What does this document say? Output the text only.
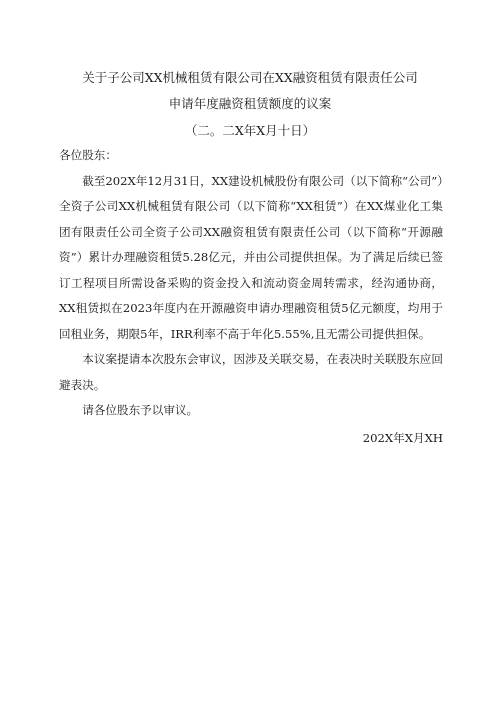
关于子公司XX机械租赁有限公司在XX融资租赁有限责任公司
申请年度融资租赁额度的议案
（二。二X年X月十日）

各位股东：

截至202X年12月31日，XX建设机械股份有限公司（以下简称“公司”）全资子公司XX机械租赁有限公司（以下简称“XX租赁”）在XX煤业化工集团有限责任公司全资子公司XX融资租赁有限责任公司（以下简称“开源融资”）累计办理融资租赁5.28亿元，并由公司提供担保。为了满足后续已签订工程项目所需设备采购的资金投入和流动资金周转需求，经沟通协商，XX租赁拟在2023年度内在开源融资申请办理融资租赁5亿元额度，均用于回租业务，期限5年，IRR利率不高于年化5.55%,且无需公司提供担保。

本议案提请本次股东会审议，因涉及关联交易，在表决时关联股东应回避表决。

请各位股东予以审议。

202X年X月XH
